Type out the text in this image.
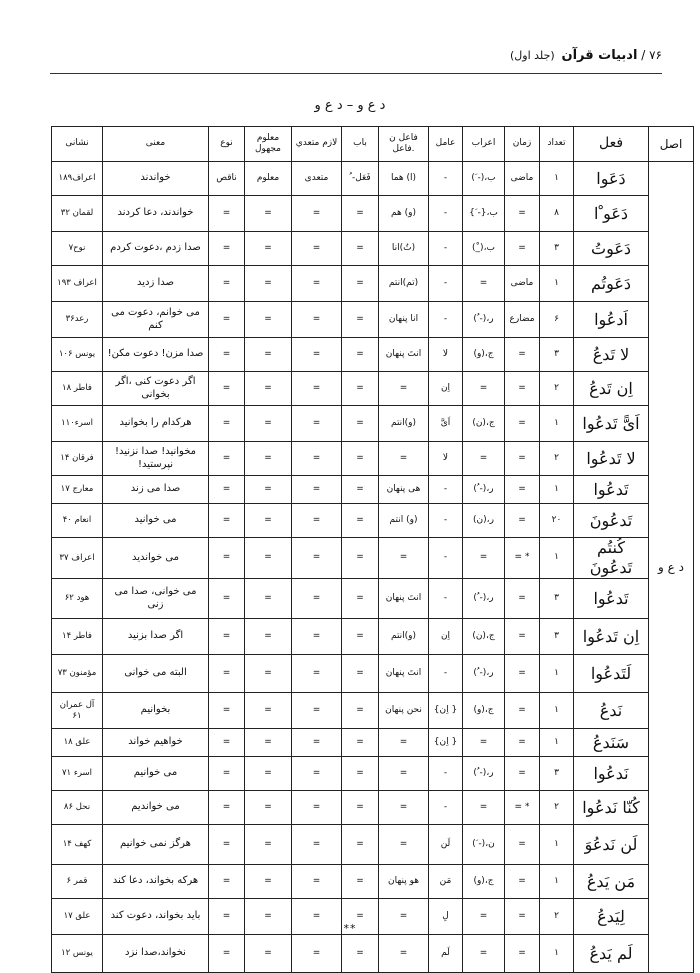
۷۶ / ادبیات قرآن (جلد اول)
د ع و – د ع و
اصل	فعل	تعداد	زمان	اعراب	عامل	فاعل ن .فاعل	باب	لازم متعدي	معلوم مجهول	نوع	معنی	نشانی
د ع و	دَعَوا	۱	ماضی	ب،(- َ)	-	(ا) هما	فَعَل- ُ	متعدی	معلوم	ناقص	خواندند	اعراف۱۸۹
	دَعَو ْا	۸	=	ب،{- َ}	-	(و) هم	=	=	=	=	خواندند، دعا کردند	لقمان ۳۲
	دَعَوتُ	۳	=	ب،(_ْ)	-	(تُ)انا	=	=	=	=	صدا زدم ،دعوت کردم	نوح۷
	دَعَوتُم	۱	ماضی	=	-	(تم)انتم	=	=	=	=	صدا زدید	اعراف ۱۹۳
	اَدعُوا	۶	مضارع	ر،(- ُ)	-	انا پنهان	=	=	=	=	می خوانم، دعوت می کنم	رعد۳۶
	لا تَدعُ	۳	=	ج،(و)	لا	انتَ پنهان	=	=	=	=	صدا مزن! دعوت مکن!	یونس ۱۰۶
	اِن تَدعُ	۲	=	=	اِن	=	=	=	=	=	اگر دعوت کنی ،اگر بخوانی	فاطر ۱۸
	اَیًّ تَدعُوا	۱	=	ج،(ن)	اَیَّ	(و)انتم	=	=	=	=	هرکدام را بخوانید	اسرء۱۱۰
	لا تَدعُوا	۲	=	=	لا	=	=	=	=	=	مخوانید! صدا نزنید! نپرستید!	فرقان ۱۴
	تَدعُوا	۱	=	ر،(- ُ)	-	هی پنهان	=	=	=	=	صدا می زند	معارج ۱۷
	تَدعُونَ	۲۰	=	ر،(ن)	-	(و) انتم	=	=	=	=	می خوانید	انعام ۴۰
	کُنتُم تَدعُونَ	۱	* =	=	-	=	=	=	=	=	می خواندید	اعراف ۳۷
	تَدعُوا	۳	=	ر،(- ُ)	-	انتَ پنهان	=	=	=	=	می خوانی، صدا می زنی	هود ۶۲
	اِن تَدعُوا	۳	=	ج،(ن)	اِن	(و)انتم	=	=	=	=	اگر صدا بزنید	فاطر ۱۴
	لَتَدعُوا	۱	=	ر،(- ُ)	-	انتَ پنهان	=	=	=	=	البته می خوانی	مؤمنون ۷۳
	نَدعُ	۱	=	ج،(و)	{ اِن}	نحن پنهان	=	=	=	=	بخوانیم	آل عمران ۶۱
	سَنَدعُ	۱	=	=	{ اِن}	=	=	=	=	=	خواهیم خواند	علق ۱۸
	نَدعُوا	۳	=	ر،(- ُ)	-	=	=	=	=	=	می خوانیم	اسرء ۷۱
	کُنّا نَدعُوا	۲	* =	=	-	=	=	=	=	=	می خواندیم	نحل ۸۶
	لَن نَدعُوَ	۱	=	ن،(- َ)	لَن	=	=	=	=	=	هرگز نمی خوانیم	کهف ۱۴
	مَن یَدعُ	۱	=	ج،(و)	مَن	هو پنهان	=	=	=	=	هرکه بخواند، دعا کند	قمر ۶
	لِیَدعُ	۲	=	=	لِ	=	=	=	=	=	باید بخواند، دعوت کند	علق ۱۷
	لَم یَدعُ	۱	=	=	لَم	=	=	=	=	=	نخواند،صدا نزد	یونس ۱۲
**
